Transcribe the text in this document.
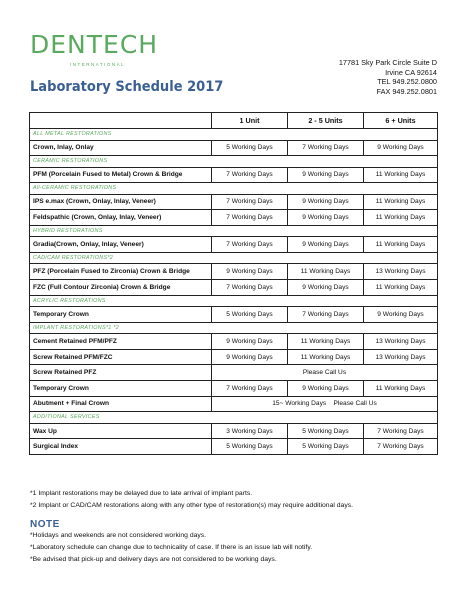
DENTECH
INTERNATIONAL
Laboratory Schedule 2017
17781 Sky Park Circle Suite D
Irvine CA 92614
TEL 949.252.0800
FAX 949.252.0801
	1 Unit	2 - 5 Units	6 + Units
ALL METAL RESTORATIONS			
Crown, Inlay, Onlay	5 Working Days	7 Working Days	9 Working Days
CERAMIC RESTORATIONS			
PFM (Porcelain Fused to Metal) Crown & Bridge	7 Working Days	9 Working Days	11 Working Days
All-CERAMIC RESTORATIONS			
IPS e.max (Crown, Onlay, Inlay, Veneer)	7 Working Days	9 Working Days	11 Working Days
Feldspathic (Crown, Onlay, Inlay, Veneer)	7 Working Days	9 Working Days	11 Working Days
HYBRID RESTORATIONS			
Gradia(Crown, Onlay, Inlay, Veneer)	7 Working Days	9 Working Days	11 Working Days
CAD/CAM RESTORATIONS*2			
PFZ (Porcelain Fused to Zirconia) Crown & Bridge	9 Working Days	11 Working Days	13 Working Days
FZC (Full Contour Zirconia) Crown & Bridge	7 Working Days	9 Working Days	11 Working Days
ACRYLIC RESTORATIONS			
Temporary Crown	5 Working Days	7 Working Days	9 Working Days
IMPLANT RESTORATIONS*1 *2			
Cement Retained PFM/PFZ	9 Working Days	11 Working Days	13 Working Days
Screw Retained PFM/FZC	9 Working Days	11 Working Days	13 Working Days
Screw Retained PFZ	Please Call Us		
Temporary Crown	7 Working Days	9 Working Days	11 Working Days
Abutment + Final Crown	15~ Working Days    Please Call Us		
ADDITIONAL SERVICES			
Wax Up	3 Working Days	5 Working Days	7 Working Days
Surgical Index	5 Working Days	5 Working Days	7 Working Days
*1 Implant restorations may be delayed due to late arrival of implant parts.
*2 Implant or CAD/CAM restorations along with any other type of restoration(s) may require additional days.
NOTE
*Holidays and weekends are not considered working days.
*Laboratory schedule can change due to technicality of case. If there is an issue lab will notify.
*Be advised that pick-up and delivery days are not considered to be working days.
